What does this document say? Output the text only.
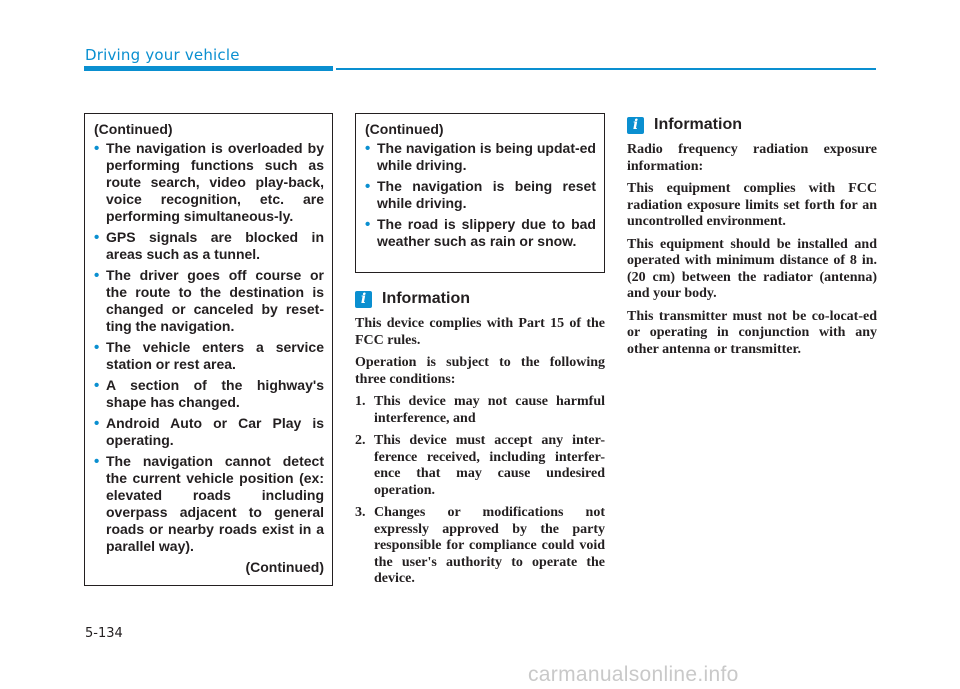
Driving your vehicle
(Continued)
• The navigation is overloaded by performing functions such as route search, video play-back, voice recognition, etc. are performing simultaneous-ly.
• GPS signals are blocked in areas such as a tunnel.
• The driver goes off course or the route to the destination is changed or canceled by reset-ting the navigation.
• The vehicle enters a service station or rest area.
• A section of the highway's shape has changed.
• Android Auto or Car Play is operating.
• The navigation cannot detect the current vehicle position (ex: elevated roads including overpass adjacent to general roads or nearby roads exist in a parallel way).
(Continued)
(Continued)
• The navigation is being updat-ed while driving.
• The navigation is being reset while driving.
• The road is slippery due to bad weather such as rain or snow.
i Information

This device complies with Part 15 of the FCC rules.

Operation is subject to the following three conditions:

1. This device may not cause harmful interference, and
2. This device must accept any inter-ference received, including interfer-ence that may cause undesired operation.
3. Changes or modifications not expressly approved by the party responsible for compliance could void the user's authority to operate the device.
i Information

Radio frequency radiation exposure information:

This equipment complies with FCC radiation exposure limits set forth for an uncontrolled environment.

This equipment should be installed and operated with minimum distance of 8 in. (20 cm) between the radiator (antenna) and your body.

This transmitter must not be co-locat-ed or operating in conjunction with any other antenna or transmitter.

5-134
carmanualsonline.info
